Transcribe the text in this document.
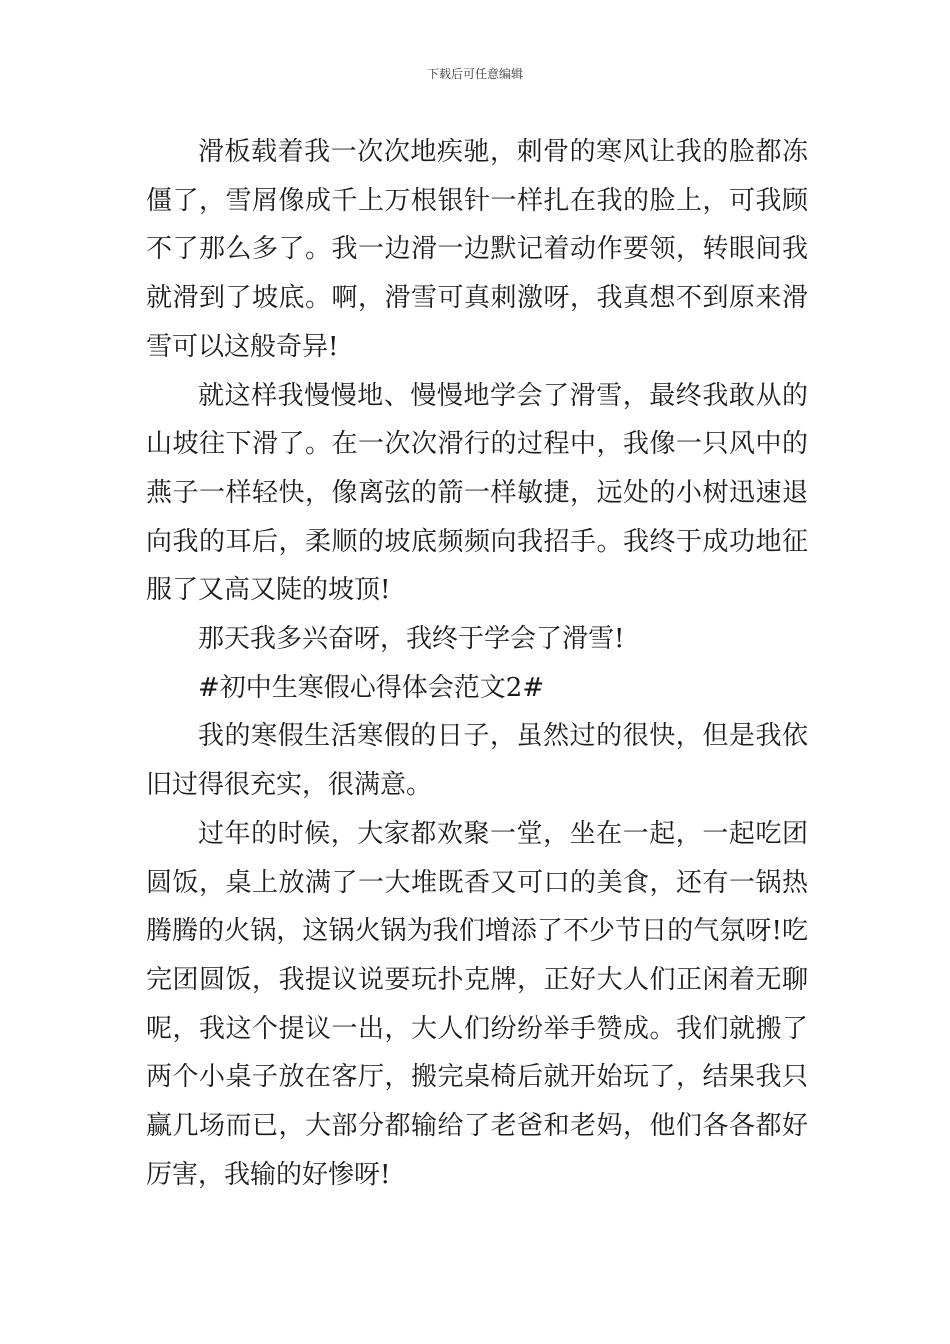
下载后可任意编辑

滑板载着我一次次地疾驰，刺骨的寒风让我的脸都冻僵了，雪屑像成千上万根银针一样扎在我的脸上，可我顾不了那么多了。我一边滑一边默记着动作要领，转眼间我就滑到了坡底。啊，滑雪可真刺激呀，我真想不到原来滑雪可以这般奇异!

就这样我慢慢地、慢慢地学会了滑雪，最终我敢从的山坡往下滑了。在一次次滑行的过程中，我像一只风中的燕子一样轻快，像离弦的箭一样敏捷，远处的小树迅速退向我的耳后，柔顺的坡底频频向我招手。我终于成功地征服了又高又陡的坡顶!

那天我多兴奋呀，我终于学会了滑雪!

#初中生寒假心得体会范文2#

我的寒假生活寒假的日子，虽然过的很快，但是我依旧过得很充实，很满意。

过年的时候，大家都欢聚一堂，坐在一起，一起吃团圆饭，桌上放满了一大堆既香又可口的美食，还有一锅热腾腾的火锅，这锅火锅为我们增添了不少节日的气氛呀!吃完团圆饭，我提议说要玩扑克牌，正好大人们正闲着无聊呢，我这个提议一出，大人们纷纷举手赞成。我们就搬了两个小桌子放在客厅，搬完桌椅后就开始玩了，结果我只赢几场而已，大部分都输给了老爸和老妈，他们各各都好厉害，我输的好惨呀!
